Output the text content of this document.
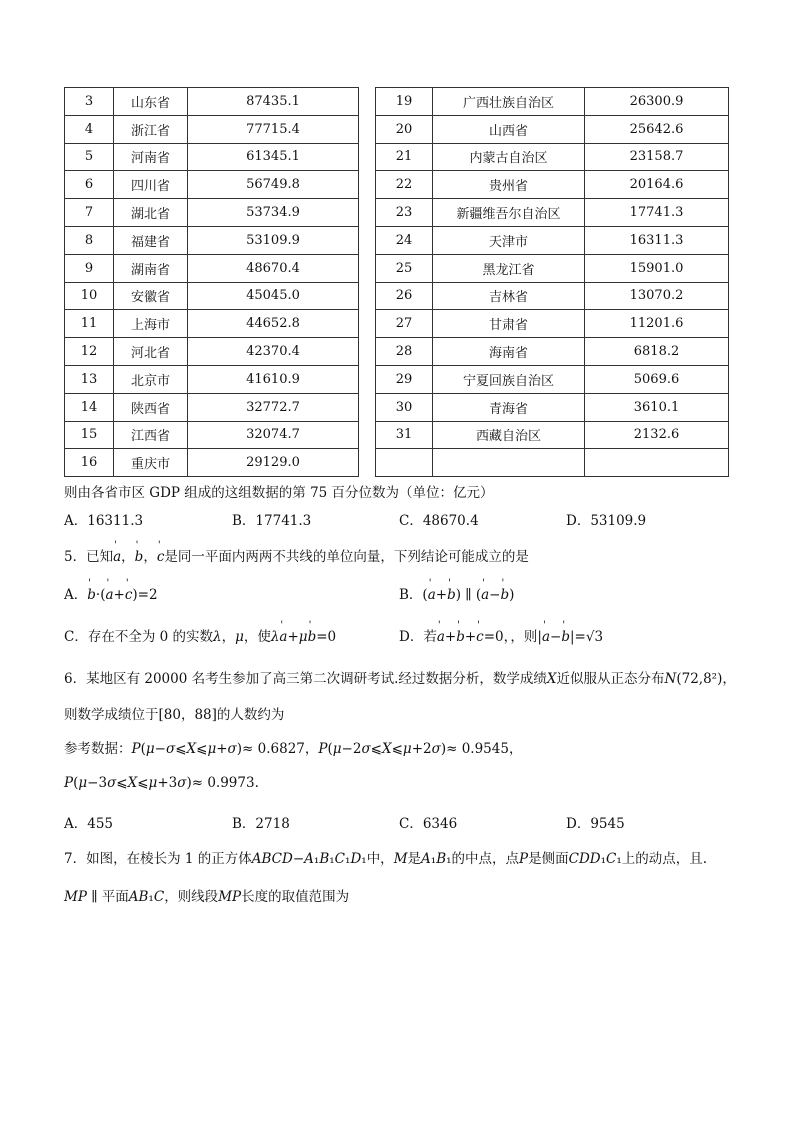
3	山东省	87435.1		19	广西壮族自治区	26300.9
4	浙江省	77715.4		20	山西省	25642.6
5	河南省	61345.1		21	内蒙古自治区	23158.7
6	四川省	56749.8		22	贵州省	20164.6
7	湖北省	53734.9		23	新疆维吾尔自治区	17741.3
8	福建省	53109.9		24	天津市	16311.3
9	湖南省	48670.4		25	黑龙江省	15901.0
10	安徽省	45045.0		26	吉林省	13070.2
11	上海市	44652.8		27	甘肃省	11201.6
12	河北省	42370.4		28	海南省	6818.2
13	北京市	41610.9		29	宁夏回族自治区	5069.6
14	陕西省	32772.7		30	青海省	3610.1
15	江西省	32074.7		31	西藏自治区	2132.6
16	重庆市	29129.0				
则由各省市区 GDP 组成的这组数据的第 75 百分位数为（单位：亿元）
A．16311.3	B．17741.3	C．48670.4	D．53109.9
5．已知' a，' b，' c是同一平面内两两不共线的单位向量，下列结论可能成立的是
A．' b·(' a+' c)=2	B．(' a+' b) ∥ (' a−' b)
C．存在不全为 0 的实数λ，μ，使λ' a+μ' b=0	D．若' a+' b+' c=0，，则|' a−' b|=√3
6．某地区有 20000 名考生参加了高三第二次调研考试.经过数据分析，数学成绩X近似服从正态分布N(72,8²)，
则数学成绩位于[80，88]的人数约为
参考数据：P(μ−σ⩽X⩽μ+σ)≈ 0.6827，P(μ−2σ⩽X⩽μ+2σ)≈ 0.9545，
P(μ−3σ⩽X⩽μ+3σ)≈ 0.9973.
A．455	B．2718	C．6346	D．9545
7．如图，在棱长为 1 的正方体ABCD−A₁B₁C₁D₁中，M是A₁B₁的中点，点P是侧面CDD₁C₁上的动点，且.
MP ∥ 平面AB₁C，则线段MP长度的取值范围为
